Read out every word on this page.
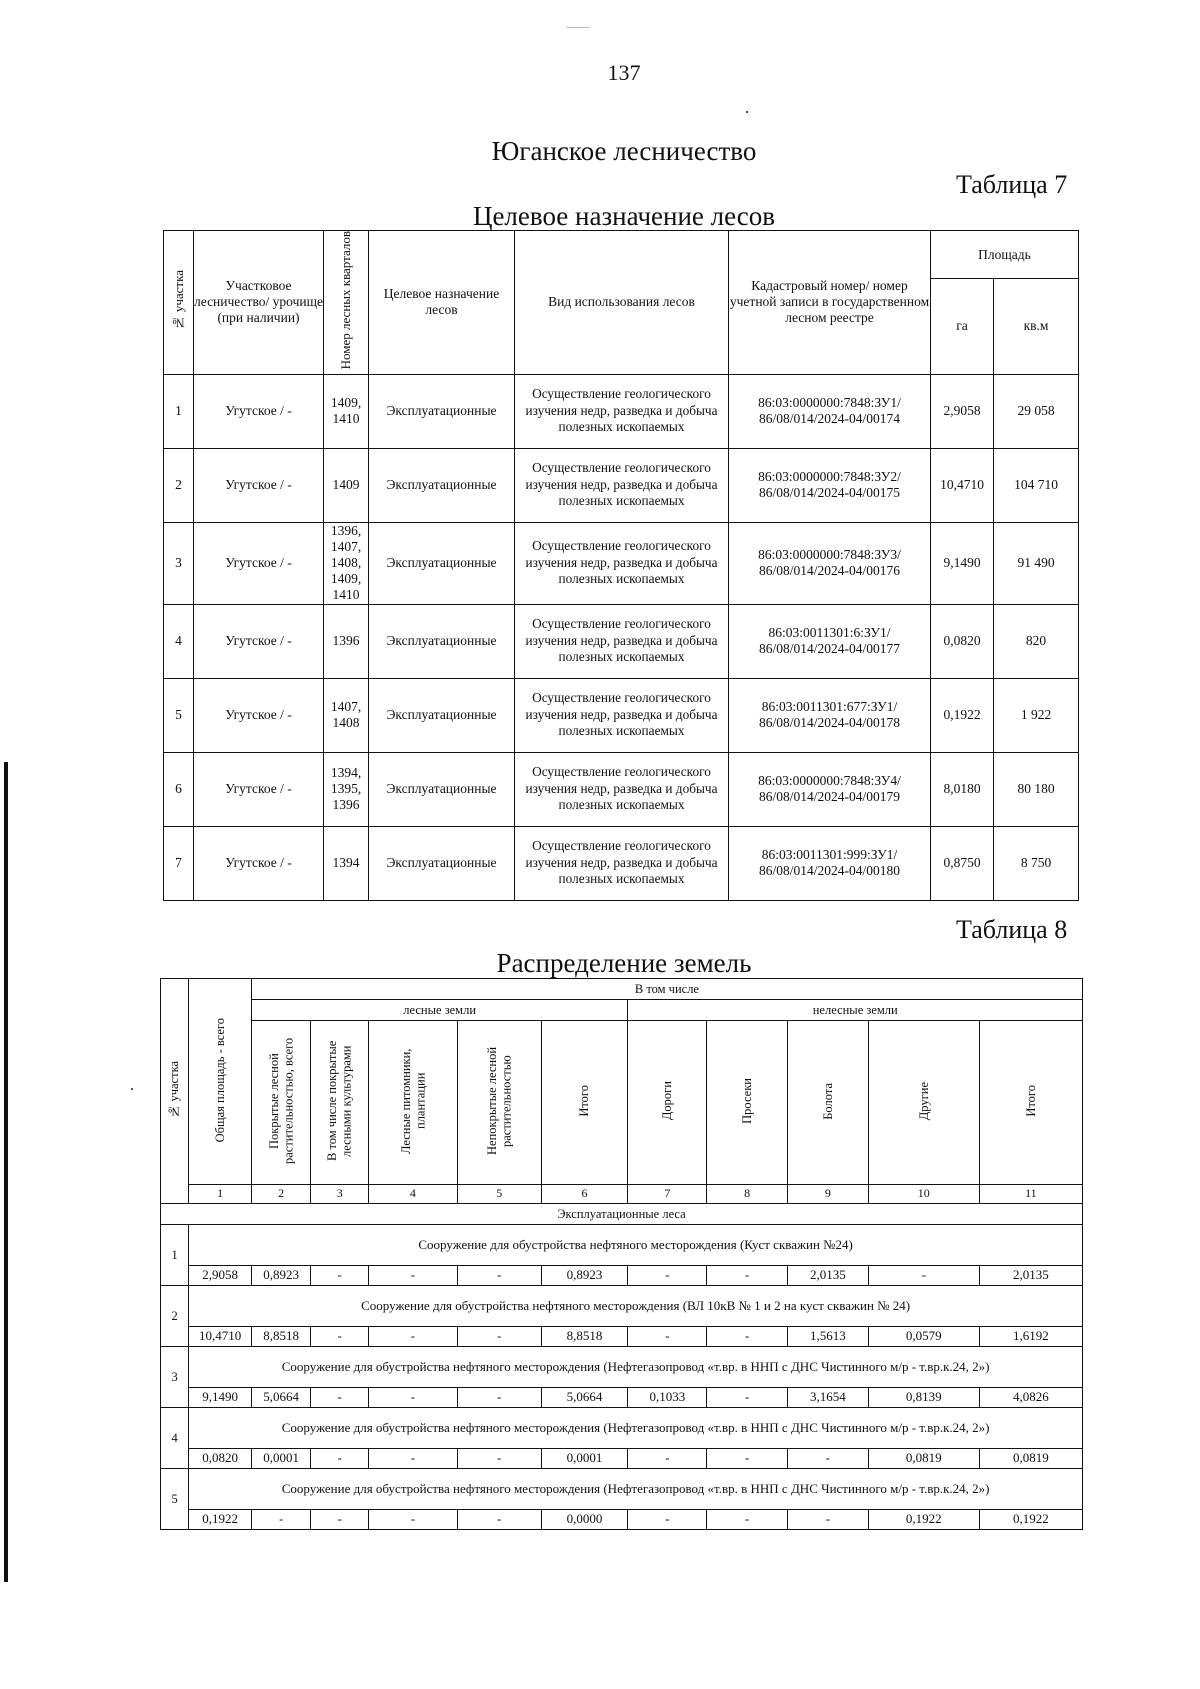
137
Юганское лесничество
Таблица 7
Целевое назначение лесов
№ участка	Участковое лесничество/ урочище (при наличии)	Номер лесных кварталов	Целевое назначение лесов	Вид использования лесов	Кадастровый номер/ номер учетной записи в государственном лесном реестре	Площадь	
						га	кв.м
1	Угутское / -	1409, 1410	Эксплуатационные	Осуществление геологического изучения недр, разведка и добыча полезных ископаемых	86:03:0000000:7848:ЗУ1/ 86/08/014/2024-04/00174	2,9058	29 058
2	Угутское / -	1409	Эксплуатационные	Осуществление геологического изучения недр, разведка и добыча полезных ископаемых	86:03:0000000:7848:ЗУ2/ 86/08/014/2024-04/00175	10,4710	104 710
3	Угутское / -	1396, 1407, 1408, 1409, 1410	Эксплуатационные	Осуществление геологического изучения недр, разведка и добыча полезных ископаемых	86:03:0000000:7848:ЗУ3/ 86/08/014/2024-04/00176	9,1490	91 490
4	Угутское / -	1396	Эксплуатационные	Осуществление геологического изучения недр, разведка и добыча полезных ископаемых	86:03:0011301:6:ЗУ1/ 86/08/014/2024-04/00177	0,0820	820
5	Угутское / -	1407, 1408	Эксплуатационные	Осуществление геологического изучения недр, разведка и добыча полезных ископаемых	86:03:0011301:677:ЗУ1/ 86/08/014/2024-04/00178	0,1922	1 922
6	Угутское / -	1394, 1395, 1396	Эксплуатационные	Осуществление геологического изучения недр, разведка и добыча полезных ископаемых	86:03:0000000:7848:ЗУ4/ 86/08/014/2024-04/00179	8,0180	80 180
7	Угутское / -	1394	Эксплуатационные	Осуществление геологического изучения недр, разведка и добыча полезных ископаемых	86:03:0011301:999:ЗУ1/ 86/08/014/2024-04/00180	0,8750	8 750
Таблица 8
Распределение земель
№ участка	Общая площадь - всего	В том числе									
		лесные земли					нелесные земли				
		Покрытые лесной растительностью, всего	В том числе покрытые лесными культурами	Лесные питомники, плантации	Непокрытые лесной растительностью	Итого	Дороги	Просеки	Болота	Другие	Итого
	1	2	3	4	5	6	7	8	9	10	11
Эксплуатационные леса											
1	Сооружение для обустройства нефтяного месторождения (Куст скважин №24)										
	2,9058	0,8923	-	-	-	0,8923	-	-	2,0135	-	2,0135
2	Сооружение для обустройства нефтяного месторождения (ВЛ 10кВ № 1 и 2 на куст скважин № 24)										
	10,4710	8,8518	-	-	-	8,8518	-	-	1,5613	0,0579	1,6192
3	Сооружение для обустройства нефтяного месторождения (Нефтегазопровод «т.вр. в ННП с ДНС Чистинного м/р - т.вр.к.24, 2»)										
	9,1490	5,0664	-	-	-	5,0664	0,1033	-	3,1654	0,8139	4,0826
4	Сооружение для обустройства нефтяного месторождения (Нефтегазопровод «т.вр. в ННП с ДНС Чистинного м/р - т.вр.к.24, 2»)										
	0,0820	0,0001	-	-	-	0,0001	-	-	-	0,0819	0,0819
5	Сооружение для обустройства нефтяного месторождения (Нефтегазопровод «т.вр. в ННП с ДНС Чистинного м/р - т.вр.к.24, 2»)										
	0,1922	-	-	-	-	0,0000	-	-	-	0,1922	0,1922
